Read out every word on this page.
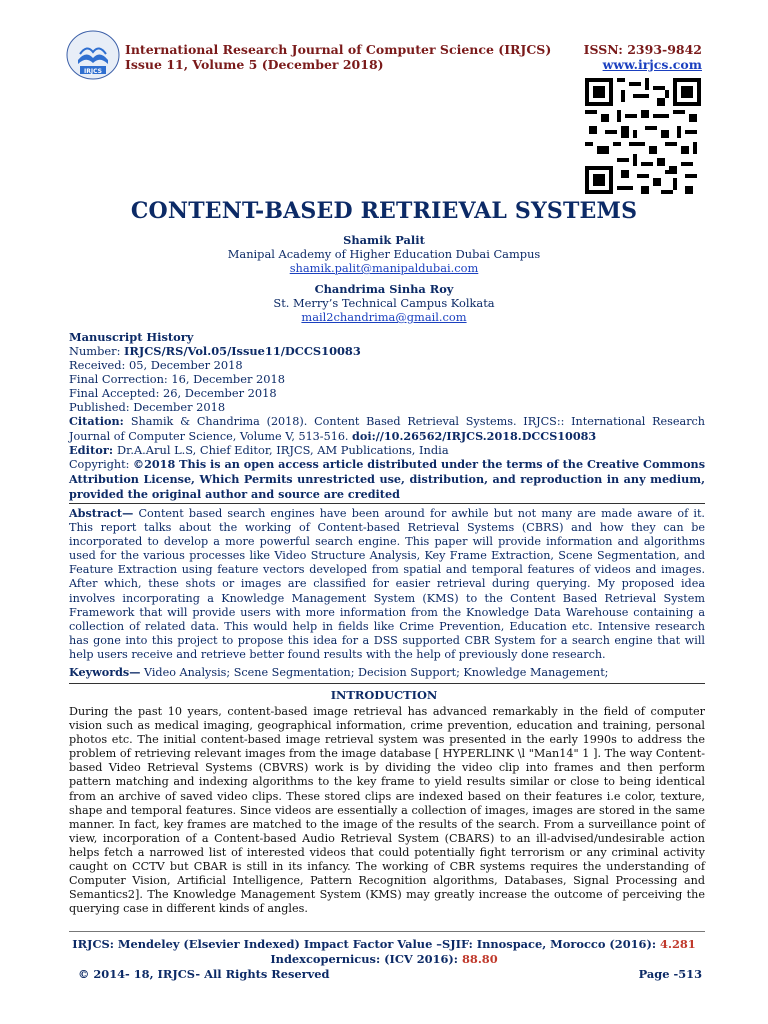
IRJCS
International Research Journal of Computer Science (IRJCS)
Issue 11, Volume 5 (December 2018)
ISSN: 2393-9842
www.irjcs.com
CONTENT-BASED RETRIEVAL SYSTEMS
Shamik Palit
Manipal Academy of Higher Education Dubai Campus
shamik.palit@manipaldubai.com
Chandrima Sinha Roy
St. Merry’s Technical Campus Kolkata
mail2chandrima@gmail.com
Manuscript History
Number: IRJCS/RS/Vol.05/Issue11/DCCS10083
Received: 05, December 2018
Final Correction: 16, December 2018
Final Accepted: 26, December 2018
Published: December 2018
Citation: Shamik & Chandrima (2018). Content Based Retrieval Systems. IRJCS:: International Research Journal of Computer Science, Volume V, 513-516. doi://10.26562/IRJCS.2018.DCCS10083
Editor: Dr.A.Arul L.S, Chief Editor, IRJCS, AM Publications, India
Copyright: ©2018 This is an open access article distributed under the terms of the Creative Commons Attribution License, Which Permits unrestricted use, distribution, and reproduction in any medium, provided the original author and source are credited
Abstract— Content based search engines have been around for awhile but not many are made aware of it. This report talks about the working of Content-based Retrieval Systems (CBRS) and how they can be incorporated to develop a more powerful search engine. This paper will provide information and algorithms used for the various processes like Video Structure Analysis, Key Frame Extraction, Scene Segmentation, and Feature Extraction using feature vectors developed from spatial and temporal features of videos and images. After which, these shots or images are classified for easier retrieval during querying. My proposed idea involves incorporating a Knowledge Management System (KMS) to the Content Based Retrieval System Framework that will provide users with more information from the Knowledge Data Warehouse containing a collection of related data. This would help in fields like Crime Prevention, Education etc. Intensive research has gone into this project to propose this idea for a DSS supported CBR System for a search engine that will help users receive and retrieve better found results with the help of previously done research.
Keywords— Video Analysis; Scene Segmentation; Decision Support; Knowledge Management;
INTRODUCTION
During the past 10 years, content-based image retrieval has advanced remarkably in the field of computer vision such as medical imaging, geographical information, crime prevention, education and training, personal photos etc. The initial content-based image retrieval system was presented in the early 1990s to address the problem of retrieving relevant images from the image database [ HYPERLINK \l "Man14" 1 ]. The way Content-based Video Retrieval Systems (CBVRS) work is by dividing the video clip into frames and then perform pattern matching and indexing algorithms to the key frame to yield results similar or close to being identical from an archive of saved video clips. These stored clips are indexed based on their features i.e color, texture, shape and temporal features. Since videos are essentially a collection of images, images are stored in the same manner. In fact, key frames are matched to the image of the results of the search. From a surveillance point of view, incorporation of a Content-based Audio Retrieval System (CBARS) to an ill-advised/undesirable action helps fetch a narrowed list of interested videos that could potentially fight terrorism or any criminal activity caught on CCTV but CBAR is still in its infancy. The working of CBR systems requires the understanding of Computer Vision, Artificial Intelligence, Pattern Recognition algorithms, Databases, Signal Processing and Semantics2]. The Knowledge Management System (KMS) may greatly increase the outcome of perceiving the querying case in different kinds of angles.
IRJCS: Mendeley (Elsevier Indexed) Impact Factor Value –SJIF: Innospace, Morocco (2016): 4.281
Indexcopernicus: (ICV 2016): 88.80
© 2014- 18, IRJCS- All Rights Reserved	Page -513
